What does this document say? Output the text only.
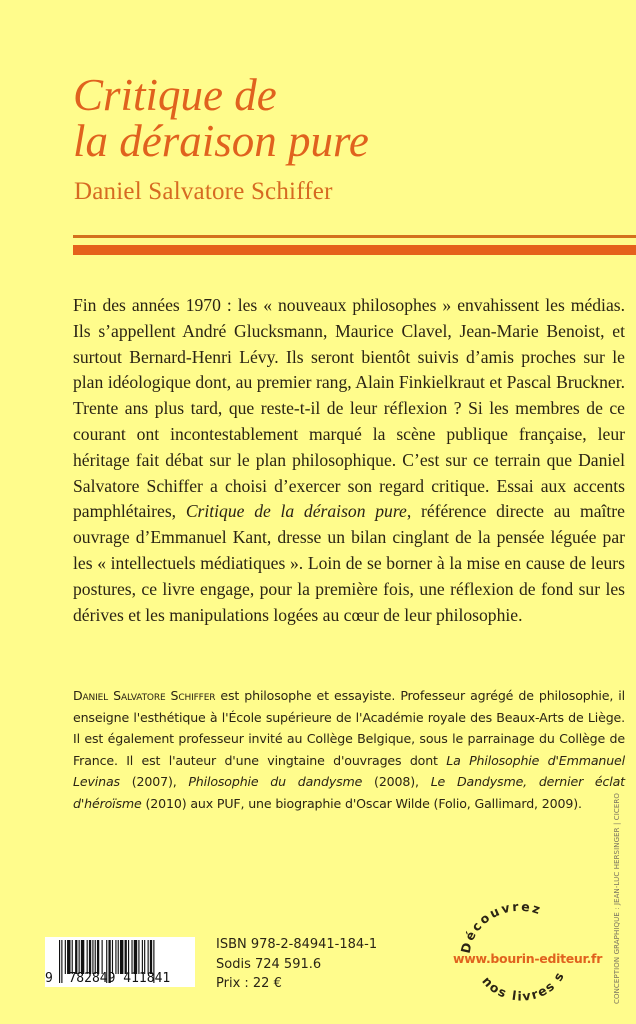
Critique de
la déraison pure
Daniel Salvatore Schiffer

Fin des années 1970 : les « nouveaux philosophes » envahissent les médias. Ils s’appellent André Glucksmann, Maurice Clavel, Jean-Marie Benoist, et surtout Bernard-Henri Lévy. Ils seront bientôt suivis d’amis proches sur le plan idéologique dont, au premier rang, Alain Finkielkraut et Pascal Bruckner. Trente ans plus tard, que reste-t-il de leur réflexion ? Si les membres de ce courant ont incontestablement marqué la scène publique française, leur héritage fait débat sur le plan philosophique. C’est sur ce terrain que Daniel Salvatore Schiffer a choisi d’exercer son regard critique. Essai aux accents pamphlétaires, Critique de la déraison pure, référence directe au maître ouvrage d’Emmanuel Kant, dresse un bilan cinglant de la pensée léguée par les « intellectuels médiatiques ». Loin de se borner à la mise en cause de leurs postures, ce livre engage, pour la première fois, une réflexion de fond sur les dérives et les manipulations logées au cœur de leur philosophie.

Daniel Salvatore Schiffer est philosophe et essayiste. Professeur agrégé de philosophie, il enseigne l'esthétique à l'École supérieure de l'Académie royale des Beaux-Arts de Liège. Il est également professeur invité au Collège Belgique, sous le parrainage du Collège de France. Il est l'auteur d'une vingtaine d'ouvrages dont La Philosophie d'Emmanuel Levinas (2007), Philosophie du dandysme (2008), Le Dandysme, dernier éclat d'héroïsme (2010) aux PUF, une biographie d'Oscar Wilde (Folio, Gallimard, 2009).	CONCEPTION GRAPHIQUE : JEAN-LUC HERSINGER | CICERO
9 782849 411841
ISBN 978-2-84941-184-1
Sodis 724 591.6
Prix : 22 €
Découvrez
nos livres sur
www.bourin-editeur.fr
